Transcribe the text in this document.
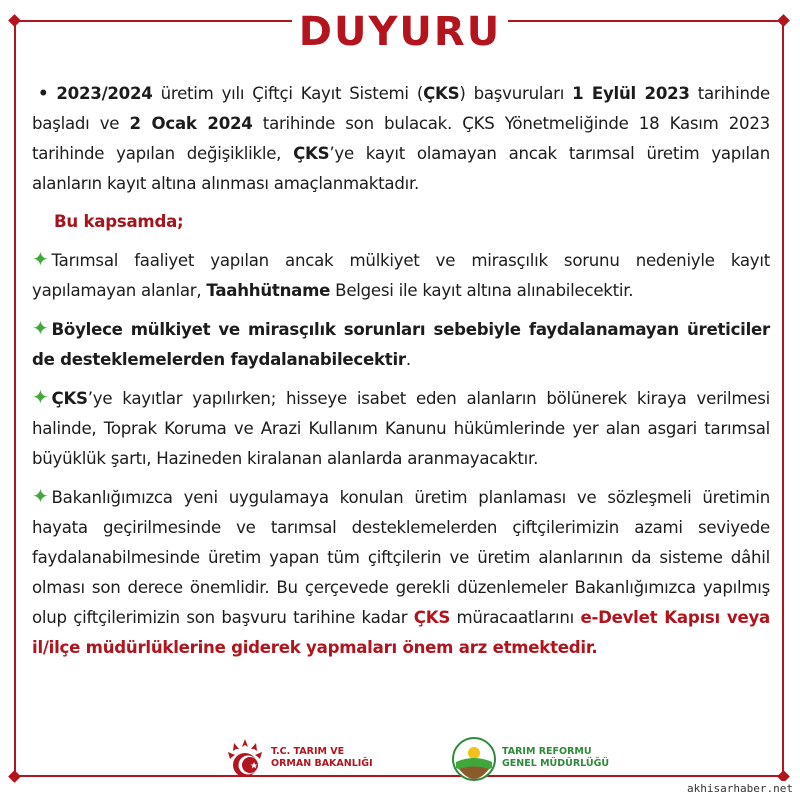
DUYURU

• 2023/2024 üretim yılı Çiftçi Kayıt Sistemi (ÇKS) başvuruları 1 Eylül 2023 tarihinde başladı ve 2 Ocak 2024 tarihinde son bulacak. ÇKS Yönetmeliğinde 18 Kasım 2023 tarihinde yapılan değişiklikle, ÇKS’ye kayıt olamayan ancak tarımsal üretim yapılan alanların kayıt altına alınması amaçlanmaktadır.

Bu kapsamda;

✦ Tarımsal faaliyet yapılan ancak mülkiyet ve mirasçılık sorunu nedeniyle kayıt yapılamayan alanlar, Taahhütname Belgesi ile kayıt altına alınabilecektir.

✦ Böylece mülkiyet ve mirasçılık sorunları sebebiyle faydalanamayan üreticiler de desteklemelerden faydalanabilecektir.

✦ ÇKS’ye kayıtlar yapılırken; hisseye isabet eden alanların bölünerek kiraya verilmesi halinde, Toprak Koruma ve Arazi Kullanım Kanunu hükümlerinde yer alan asgari tarımsal büyüklük şartı, Hazineden kiralanan alanlarda aranmayacaktır.

✦ Bakanlığımızca yeni uygulamaya konulan üretim planlaması ve sözleşmeli üretimin hayata geçirilmesinde ve tarımsal desteklemelerden çiftçilerimizin azami seviyede faydalanabilmesinde üretim yapan tüm çiftçilerin ve üretim alanlarının da sisteme dâhil olması son derece önemlidir. Bu çerçevede gerekli düzenlemeler Bakanlığımızca yapılmış olup çiftçilerimizin son başvuru tarihine kadar ÇKS müracaatlarını e-Devlet Kapısı veya il/ilçe müdürlüklerine giderek yapmaları önem arz etmektedir.

T.C. TARIM VE
ORMAN BAKANLIĞI
TARIM REFORMU
GENEL MÜDÜRLÜĞÜ
akhisarhaber.net
